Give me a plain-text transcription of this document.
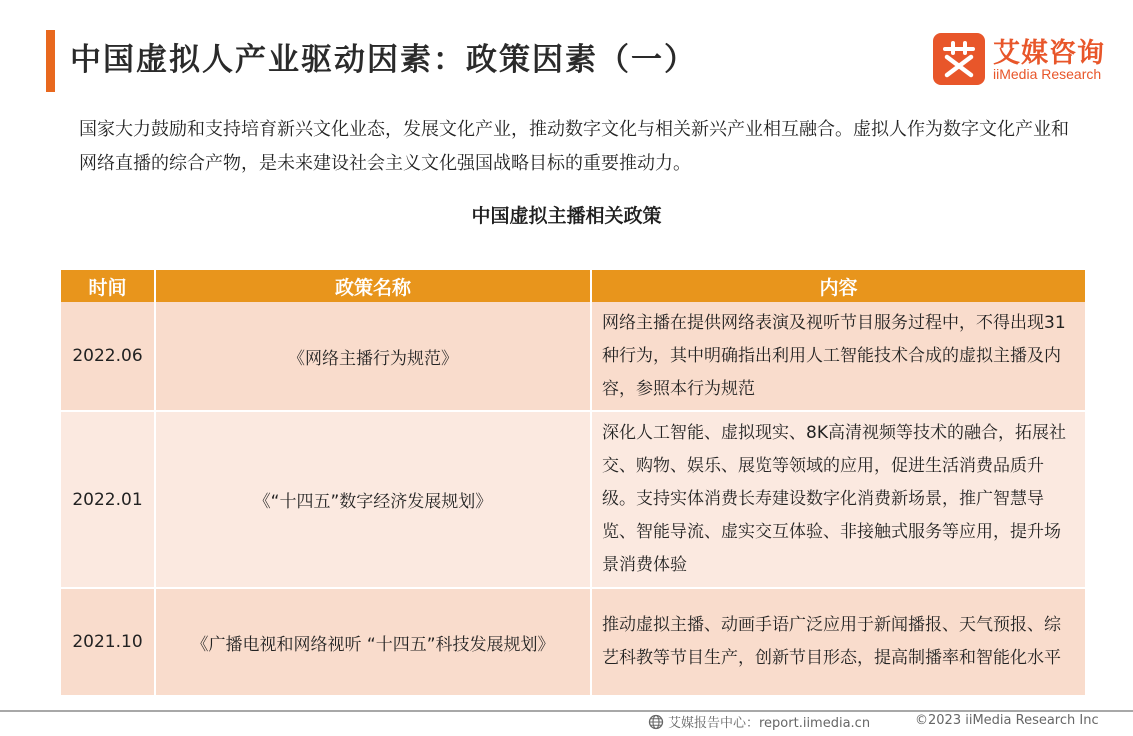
中国虚拟人产业驱动因素：政策因素（一）	艾媒咨询
iiMedia Research
国家大力鼓励和支持培育新兴文化业态，发展文化产业，推动数字文化与相关新兴产业相互融合。虚拟人作为数字文化产业和网络直播的综合产物，是未来建设社会主义文化强国战略目标的重要推动力。
中国虚拟主播相关政策
时间	政策名称	内容
2022.06	《网络主播行为规范》	网络主播在提供网络表演及视听节目服务过程中，不得出现31种行为，其中明确指出利用人工智能技术合成的虚拟主播及内容，参照本行为规范
2022.01	《“十四五”数字经济发展规划》	深化人工智能、虚拟现实、8K高清视频等技术的融合，拓展社交、购物、娱乐、展览等领域的应用，促进生活消费品质升级。支持实体消费长寿建设数字化消费新场景，推广智慧导览、智能导流、虚实交互体验、非接触式服务等应用，提升场景消费体验
2021.10	《广播电视和网络视听 “十四五”科技发展规划》	推动虚拟主播、动画手语广泛应用于新闻播报、天气预报、综艺科教等节目生产，创新节目形态，提高制播率和智能化水平
艾媒报告中心：report.iimedia.cn	©2023 iiMedia Research Inc
